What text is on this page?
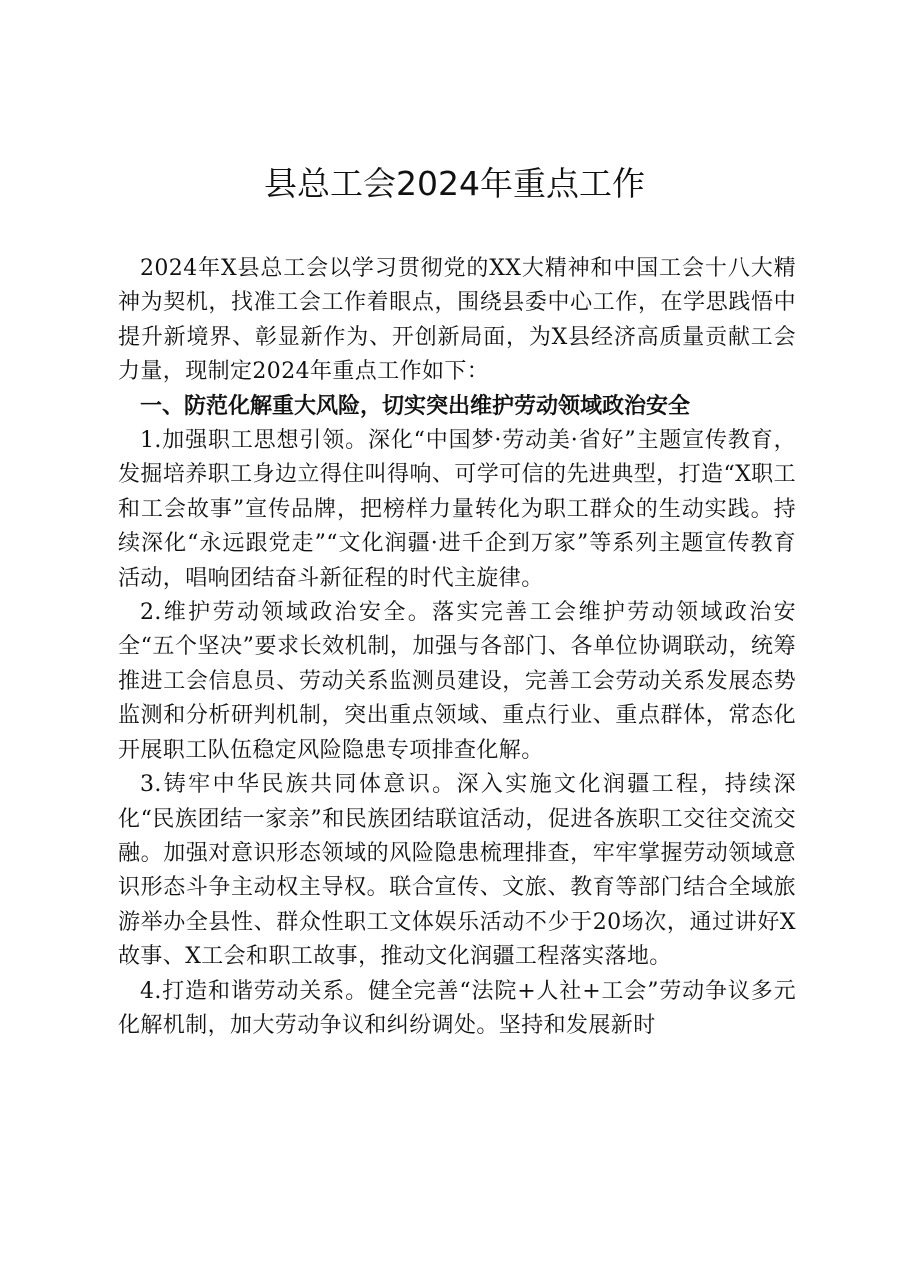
县总工会2024年重点工作

2024年X县总工会以学习贯彻党的XX大精神和中国工会十八大精神为契机，找准工会工作着眼点，围绕县委中心工作，在学思践悟中提升新境界、彰显新作为、开创新局面，为X县经济高质量贡献工会力量，现制定2024年重点工作如下：

一、防范化解重大风险，切实突出维护劳动领域政治安全

1.加强职工思想引领。深化“中国梦·劳动美·省好”主题宣传教育，发掘培养职工身边立得住叫得响、可学可信的先进典型，打造“X职工和工会故事”宣传品牌，把榜样力量转化为职工群众的生动实践。持续深化“永远跟党走”“文化润疆·进千企到万家”等系列主题宣传教育活动，唱响团结奋斗新征程的时代主旋律。

2.维护劳动领域政治安全。落实完善工会维护劳动领域政治安全“五个坚决”要求长效机制，加强与各部门、各单位协调联动，统筹推进工会信息员、劳动关系监测员建设，完善工会劳动关系发展态势监测和分析研判机制，突出重点领域、重点行业、重点群体，常态化开展职工队伍稳定风险隐患专项排查化解。

3.铸牢中华民族共同体意识。深入实施文化润疆工程，持续深化“民族团结一家亲”和民族团结联谊活动，促进各族职工交往交流交融。加强对意识形态领域的风险隐患梳理排查，牢牢掌握劳动领域意识形态斗争主动权主导权。联合宣传、文旅、教育等部门结合全域旅游举办全县性、群众性职工文体娱乐活动不少于20场次，通过讲好X故事、X工会和职工故事，推动文化润疆工程落实落地。

4.打造和谐劳动关系。健全完善“法院+人社+工会”劳动争议多元化解机制，加大劳动争议和纠纷调处。坚持和发展新时
